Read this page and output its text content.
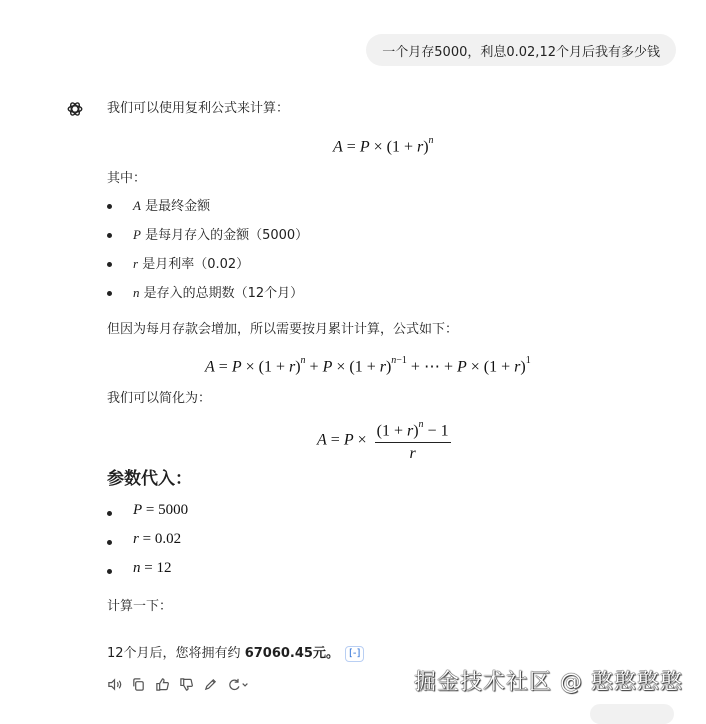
一个月存5000，利息0.02,12个月后我有多少钱
我们可以使用复利公式来计算：
$A = P \times (1 + r)^n$
其中：
A 是最终金额
P 是每月存入的金额（5000）
r 是月利率（0.02）
n 是存入的总期数（12个月）
但因为每月存款会增加，所以需要按月累计计算，公式如下：
$A = P \times (1 + r)^n + P \times (1 + r)^{n-1}$ + ⋯ + $P \times (1 + r)^1$
我们可以简化为：
$A = P \times \frac{(1 + r)^n - 1}{r}$
参数代入：
P = 5000
r = 0.02
n = 12
计算一下：
12个月后，您将拥有约 67060.45元。 [-]
掘金技术社区 @ 憨憨憨憨
